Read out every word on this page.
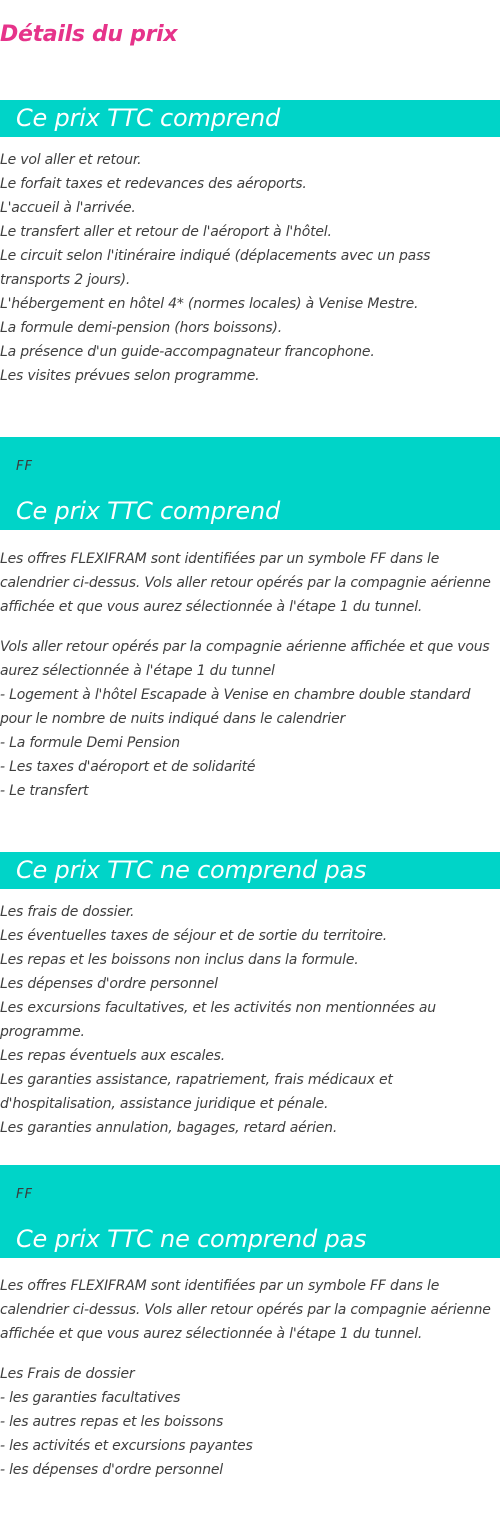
Détails du prix
Ce prix TTC comprend
Le vol aller et retour.
Le forfait taxes et redevances des aéroports.
L'accueil à l'arrivée.
Le transfert aller et retour de l'aéroport à l'hôtel.
Le circuit selon l'itinéraire indiqué (déplacements avec un pass transports 2 jours).
L'hébergement en hôtel 4* (normes locales) à Venise Mestre.
La formule demi-pension (hors boissons).
La présence d'un guide-accompagnateur francophone.
Les visites prévues selon programme.
FF
Ce prix TTC comprend
Les offres FLEXIFRAM sont identifiées par un symbole FF dans le calendrier ci-dessus. Vols aller retour opérés par la compagnie aérienne affichée et que vous aurez sélectionnée à l'étape 1 du tunnel.
Vols aller retour opérés par la compagnie aérienne affichée et que vous aurez sélectionnée à l'étape 1 du tunnel
- Logement à l'hôtel Escapade à Venise en chambre double standard pour le nombre de nuits indiqué dans le calendrier
- La formule Demi Pension
- Les taxes d'aéroport et de solidarité
- Le transfert
Ce prix TTC ne comprend pas
Les frais de dossier.
Les éventuelles taxes de séjour et de sortie du territoire.
Les repas et les boissons non inclus dans la formule.
Les dépenses d'ordre personnel
Les excursions facultatives, et les activités non mentionnées au programme.
Les repas éventuels aux escales.
Les garanties assistance, rapatriement, frais médicaux et d'hospitalisation, assistance juridique et pénale.
Les garanties annulation, bagages, retard aérien.
FF
Ce prix TTC ne comprend pas
Les offres FLEXIFRAM sont identifiées par un symbole FF dans le calendrier ci-dessus. Vols aller retour opérés par la compagnie aérienne affichée et que vous aurez sélectionnée à l'étape 1 du tunnel.
Les Frais de dossier
- les garanties facultatives
- les autres repas et les boissons
- les activités et excursions payantes
- les dépenses d'ordre personnel
